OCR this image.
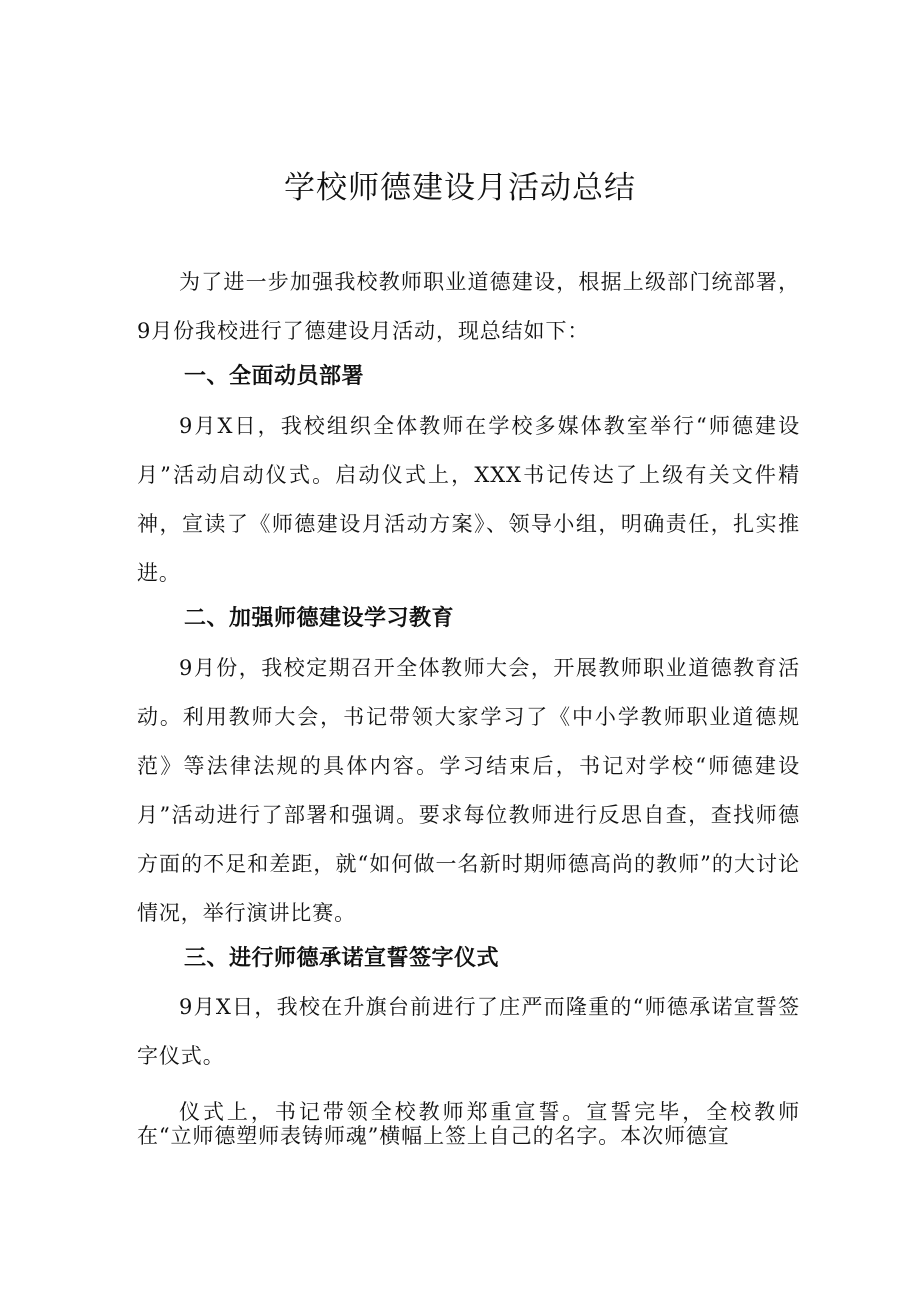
学校师德建设月活动总结

为了进一步加强我校教师职业道德建设，根据上级部门统部署，9月份我校进行了德建设月活动，现总结如下：

一、全面动员部署

9月X日，我校组织全体教师在学校多媒体教室举行“师德建设月”活动启动仪式。启动仪式上，XXX书记传达了上级有关文件精神，宣读了《师德建设月活动方案》、领导小组，明确责任，扎实推进。

二、加强师德建设学习教育

9月份，我校定期召开全体教师大会，开展教师职业道德教育活动。利用教师大会，书记带领大家学习了《中小学教师职业道德规范》等法律法规的具体内容。学习结束后，书记对学校“师德建设月”活动进行了部署和强调。要求每位教师进行反思自查，查找师德方面的不足和差距，就“如何做一名新时期师德高尚的教师”的大讨论情况，举行演讲比赛。

三、进行师德承诺宣誓签字仪式

9月X日，我校在升旗台前进行了庄严而隆重的“师德承诺宣誓签字仪式。

仪式上，书记带领全校教师郑重宣誓。宣誓完毕，全校教师在“立师德塑师表铸师魂”横幅上签上自己的名字。本次师德宣
